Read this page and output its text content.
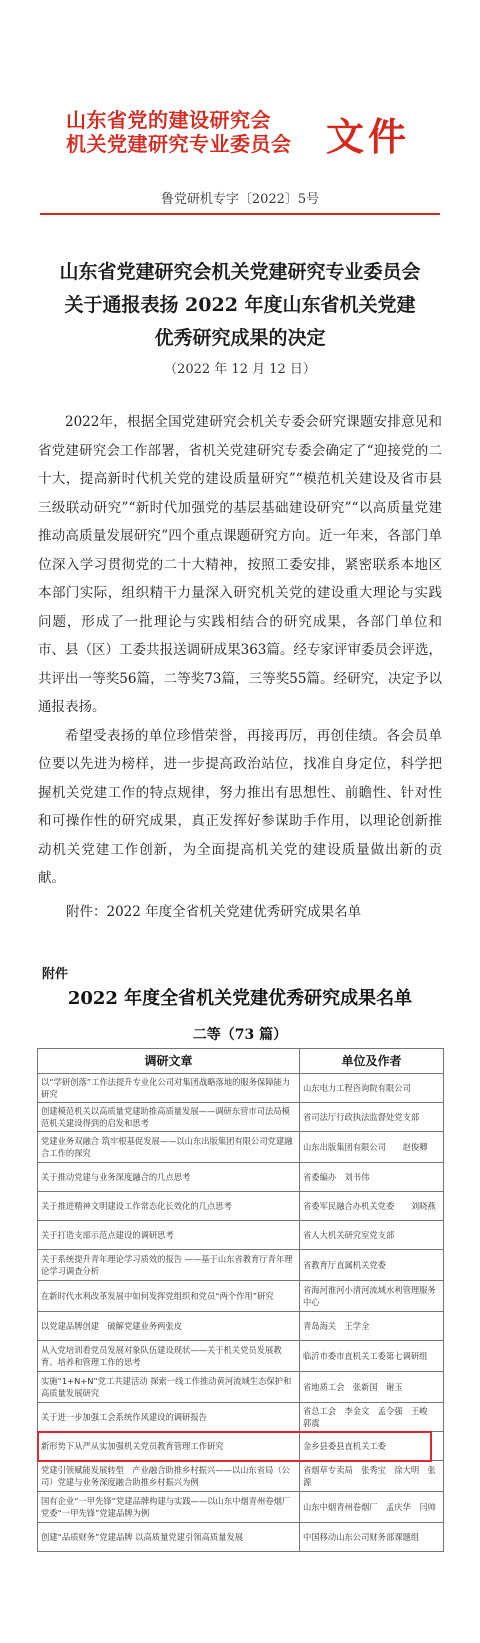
山东省党的建设研究会
机关党建研究专业委员会 文件
鲁党研机专字〔2022〕5号
山东省党建研究会机关党建研究专业委员会
关于通报表扬 2022 年度山东省机关党建
优秀研究成果的决定
（2022 年 12 月 12 日）

2022年，根据全国党建研究会机关专委会研究课题安排意见和省党建研究会工作部署，省机关党建研究专委会确定了“迎接党的二十大，提高新时代机关党的建设质量研究”“模范机关建设及省市县三级联动研究”“新时代加强党的基层基础建设研究”“以高质量党建推动高质量发展研究”四个重点课题研究方向。近一年来，各部门单位深入学习贯彻党的二十大精神，按照工委安排，紧密联系本地区本部门实际，组织精干力量深入研究机关党的建设重大理论与实践问题，形成了一批理论与实践相结合的研究成果，各部门单位和市、县（区）工委共报送调研成果363篇。经专家评审委员会评选，共评出一等奖56篇，二等奖73篇，三等奖55篇。经研究，决定予以通报表扬。

希望受表扬的单位珍惜荣誉，再接再厉，再创佳绩。各会员单位要以先进为榜样，进一步提高政治站位，找准自身定位，科学把握机关党建工作的特点规律，努力推出有思想性、前瞻性、针对性和可操作性的研究成果，真正发挥好参谋助手作用，以理论创新推动机关党建工作创新，为全面提高机关党的建设质量做出新的贡献。

附件：2022 年度全省机关党建优秀研究成果名单
附件
2022 年度全省机关党建优秀研究成果名单
二等（73 篇）
调研文章	单位及作者
以“学研创落”工作法提升专业化公司对集团战略落地的服务保障能力研究	山东电力工程咨询院有限公司
创建模范机关以高质量党建助推高质量发展——调研东营市司法局模范机关建设得到的启发和思考	省司法厅行政执法监督处党支部
党建业务双融合 筑牢根基促发展——以山东出版集团有限公司党建融合工作的探究	山东出版集团有限公司　　赵俊卿
关于推动党建与业务深度融合的几点思考	省委编办　刘书伟
关于推进精神文明建设工作常态化长效化的几点思考	省委军民融合办机关党委　　刘晓燕
关于打造支部示范点建设的调研思考	省人大机关研究室党支部
关于系统提升青年理论学习质效的报告 ——基于山东省教育厅青年理论学习调查分析	省教育厅直属机关党委
在新时代水利改革发展中如何发挥党组织和党员“两个作用”研究	省海河淮河小清河流域水利管理服务中心
以党建品牌创建　破解党建业务两张皮	青岛海关　王学全
从入党培训看党员发展对象队伍建设现状——关于机关党员发展教育、培养和管理工作的思考	临沂市委市直机关工委第七调研组
实施“1+N+N”党工共建活动 探索一线工作推动黄河流域生态保护和高质量发展研究	省地质工会　张新国　谢玉
关于进一步加强工会系统作风建设的调研报告	省总工会　李金文　孟令强　王峻　郭震
新形势下从严从实加强机关党员教育管理工作研究	金乡县委县直机关工委
党建引领赋能发展转型　产业融合助推乡村振兴——以山东省局（公司）党建与业务深度融合助推乡村振兴为例	省烟草专卖局　张秀宝　徐大明　张源
国有企业“一甲先锋”党建品牌构建与实践——以山东中烟青州卷烟厂党委“一甲先锋”党建品牌为例	山东中烟青州卷烟厂　孟庆华　闫帅
创建“品质财务”党建品牌 以高质量党建引领高质量发展	中国移动山东公司财务部课题组
